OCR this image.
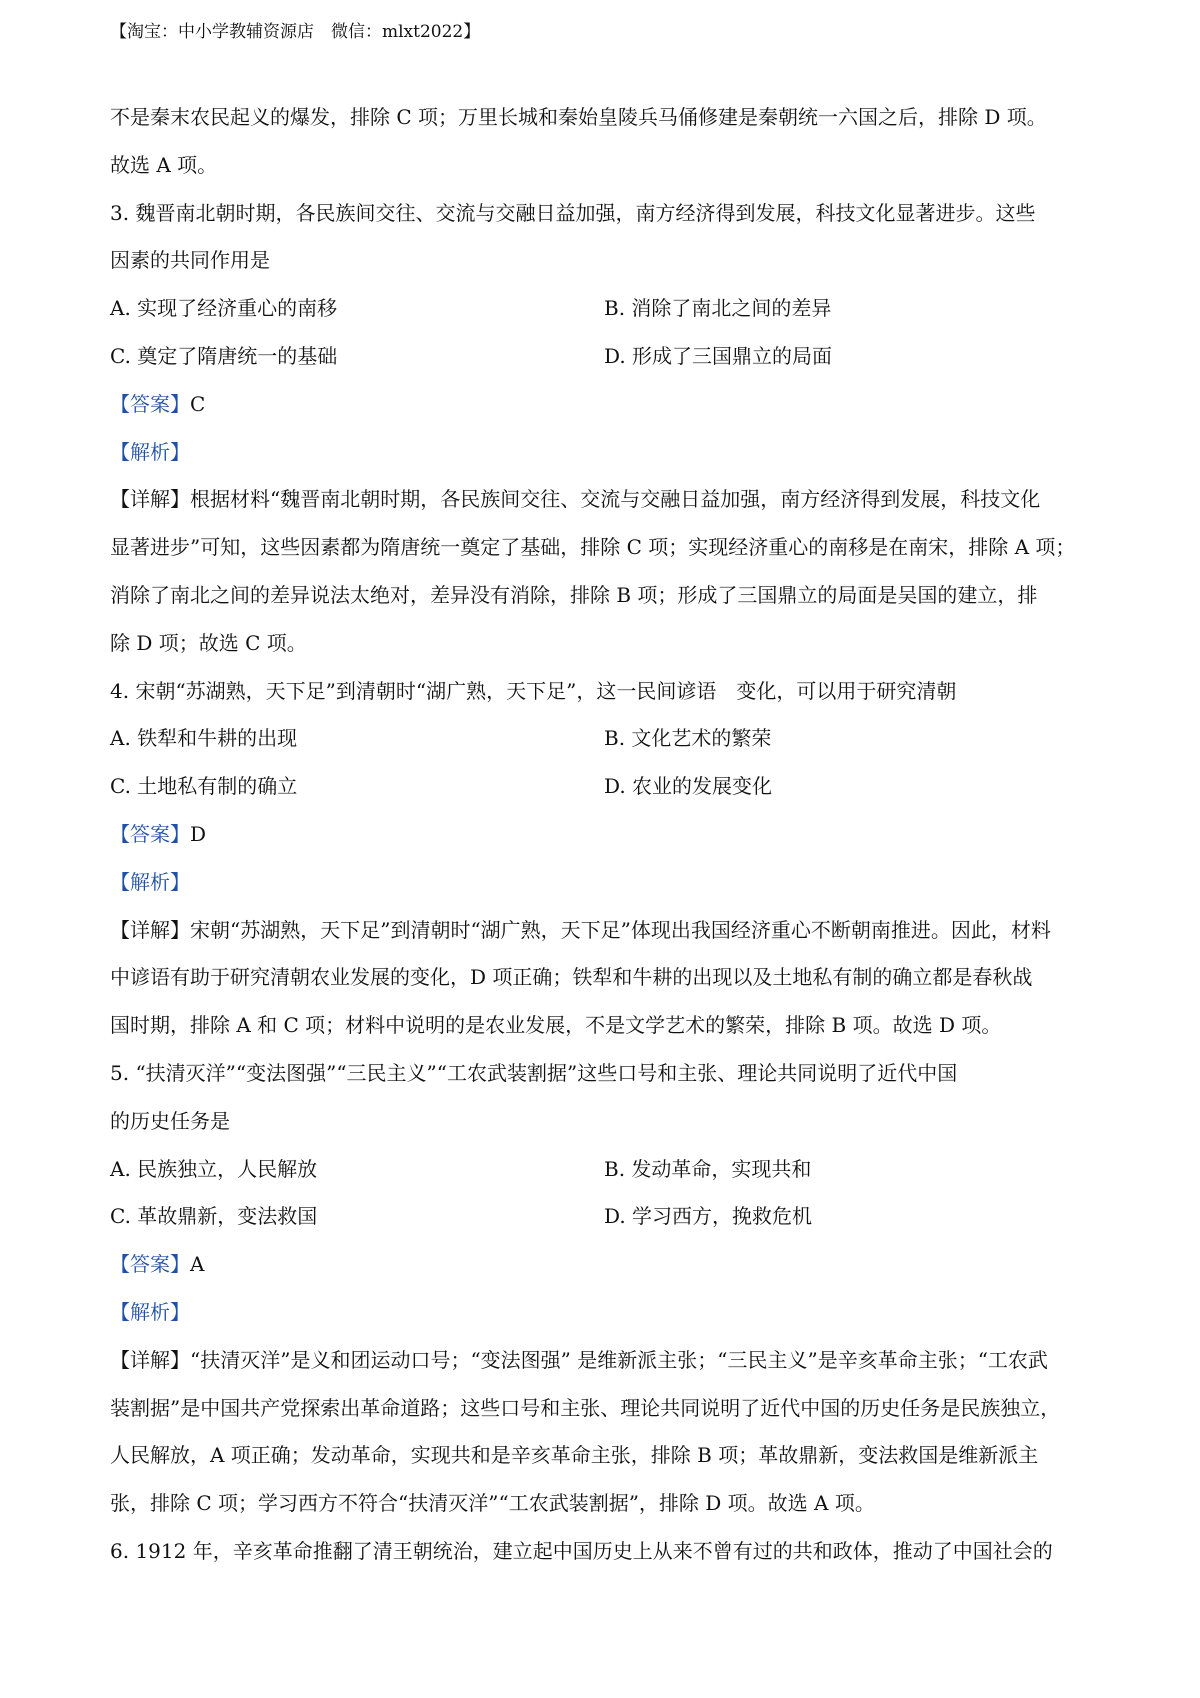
【淘宝：中小学教辅资源店　微信：mlxt2022】
不是秦末农民起义的爆发，排除 C 项；万里长城和秦始皇陵兵马俑修建是秦朝统一六国之后，排除 D 项。
故选 A 项。
3. 魏晋南北朝时期，各民族间交往、交流与交融日益加强，南方经济得到发展，科技文化显著进步。这些
因素的共同作用是
A. 实现了经济重心的南移	B. 消除了南北之间的差异
C. 奠定了隋唐统一的基础	D. 形成了三国鼎立的局面
【答案】C
【解析】
【详解】根据材料“魏晋南北朝时期，各民族间交往、交流与交融日益加强，南方经济得到发展，科技文化
显著进步”可知，这些因素都为隋唐统一奠定了基础，排除 C 项；实现经济重心的南移是在南宋，排除 A 项；
消除了南北之间的差异说法太绝对，差异没有消除，排除 B 项；形成了三国鼎立的局面是吴国的建立，排
除 D 项；故选 C 项。
4. 宋朝“苏湖熟，天下足”到清朝时“湖广熟，天下足”，这一民间谚语　变化，可以用于研究清朝
A. 铁犁和牛耕的出现	B. 文化艺术的繁荣
C. 土地私有制的确立	D. 农业的发展变化
【答案】D
【解析】
【详解】宋朝“苏湖熟，天下足”到清朝时“湖广熟，天下足”体现出我国经济重心不断朝南推进。因此，材料
中谚语有助于研究清朝农业发展的变化，D 项正确；铁犁和牛耕的出现以及土地私有制的确立都是春秋战
国时期，排除 A 和 C 项；材料中说明的是农业发展，不是文学艺术的繁荣，排除 B 项。故选 D 项。
5. “扶清灭洋”“变法图强”“三民主义”“工农武装割据”这些口号和主张、理论共同说明了近代中国
的历史任务是
A. 民族独立，人民解放	B. 发动革命，实现共和
C. 革故鼎新，变法救国	D. 学习西方，挽救危机
【答案】A
【解析】
【详解】“扶清灭洋”是义和团运动口号；“变法图强” 是维新派主张；“三民主义”是辛亥革命主张；“工农武
装割据”是中国共产党探索出革命道路；这些口号和主张、理论共同说明了近代中国的历史任务是民族独立，
人民解放，A 项正确；发动革命，实现共和是辛亥革命主张，排除 B 项；革故鼎新，变法救国是维新派主
张，排除 C 项；学习西方不符合“扶清灭洋”“工农武装割据”，排除 D 项。故选 A 项。
6. 1912 年，辛亥革命推翻了清王朝统治，建立起中国历史上从来不曾有过的共和政体，推动了中国社会的
